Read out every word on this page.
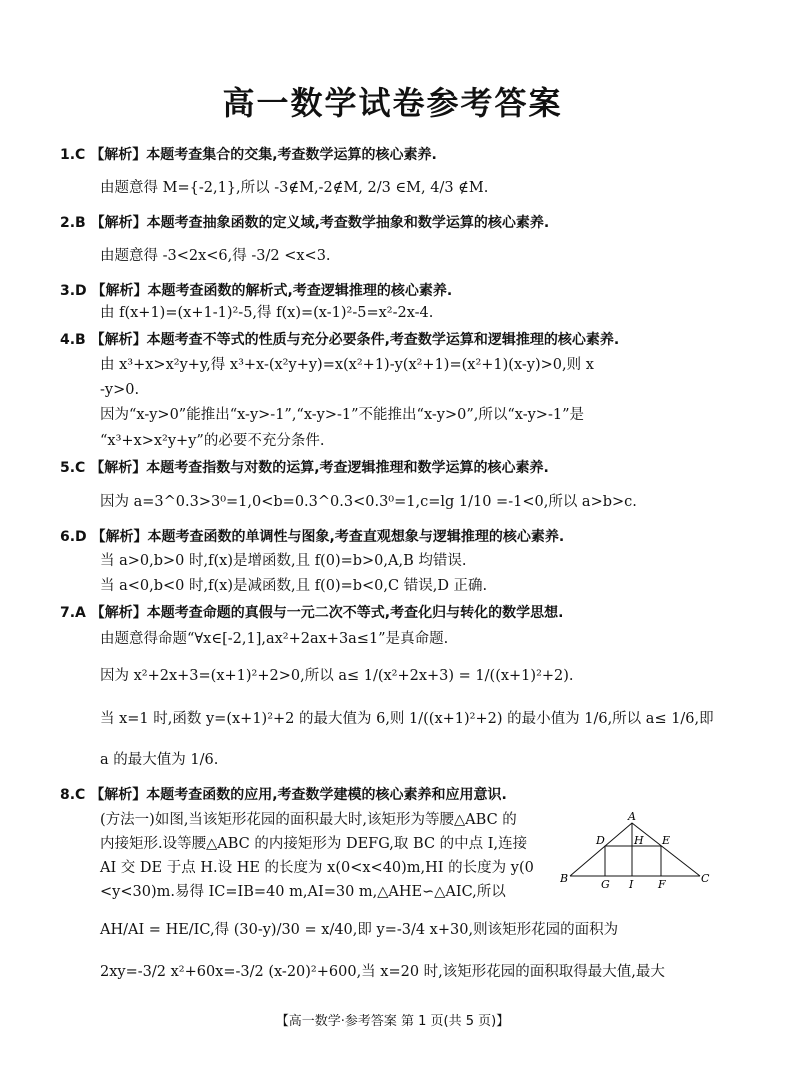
高一数学试卷参考答案
1.C 【解析】本题考查集合的交集,考查数学运算的核心素养.
由题意得 M={-2,1},所以 -3∉M,-2∉M, 2/3 ∈M, 4/3 ∉M.
2.B 【解析】本题考查抽象函数的定义域,考查数学抽象和数学运算的核心素养.
由题意得 -3<2x<6,得 -3/2 <x<3.
3.D 【解析】本题考查函数的解析式,考查逻辑推理的核心素养.
由 f(x+1)=(x+1-1)²-5,得 f(x)=(x-1)²-5=x²-2x-4.
4.B 【解析】本题考查不等式的性质与充分必要条件,考查数学运算和逻辑推理的核心素养.
由 x³+x>x²y+y,得 x³+x-(x²y+y)=x(x²+1)-y(x²+1)=(x²+1)(x-y)>0,则 x
-y>0.
因为“x-y>0”能推出“x-y>-1”,“x-y>-1”不能推出“x-y>0”,所以“x-y>-1”是
“x³+x>x²y+y”的必要不充分条件.
5.C 【解析】本题考查指数与对数的运算,考查逻辑推理和数学运算的核心素养.
因为 a=3^0.3>3⁰=1,0<b=0.3^0.3<0.3⁰=1,c=lg 1/10 =-1<0,所以 a>b>c.
6.D 【解析】本题考查函数的单调性与图象,考查直观想象与逻辑推理的核心素养.
当 a>0,b>0 时,f(x)是增函数,且 f(0)=b>0,A,B 均错误.
当 a<0,b<0 时,f(x)是减函数,且 f(0)=b<0,C 错误,D 正确.
7.A 【解析】本题考查命题的真假与一元二次不等式,考查化归与转化的数学思想.
由题意得命题“∀x∈[-2,1],ax²+2ax+3a≤1”是真命题.
因为 x²+2x+3=(x+1)²+2>0,所以 a≤ 1/(x²+2x+3) = 1/((x+1)²+2).
当 x=1 时,函数 y=(x+1)²+2 的最大值为 6,则 1/((x+1)²+2) 的最小值为 1/6,所以 a≤ 1/6,即
a 的最大值为 1/6.
8.C 【解析】本题考查函数的应用,考查数学建模的核心素养和应用意识.
(方法一)如图,当该矩形花园的面积最大时,该矩形为等腰△ABC 的
内接矩形.设等腰△ABC 的内接矩形为 DEFG,取 BC 的中点 I,连接
AI 交 DE 于点 H.设 HE 的长度为 x(0<x<40)m,HI 的长度为 y(0
<y<30)m.易得 IC=IB=40 m,AI=30 m,△AHE∽△AIC,所以
AH/AI = HE/IC,得 (30-y)/30 = x/40,即 y=-3/4 x+30,则该矩形花园的面积为
2xy=-3/2 x²+60x=-3/2 (x-20)²+600,当 x=20 时,该矩形花园的面积取得最大值,最大
A
D	H E
B	G I F	C
【高一数学·参考答案 第 1 页(共 5 页)】
